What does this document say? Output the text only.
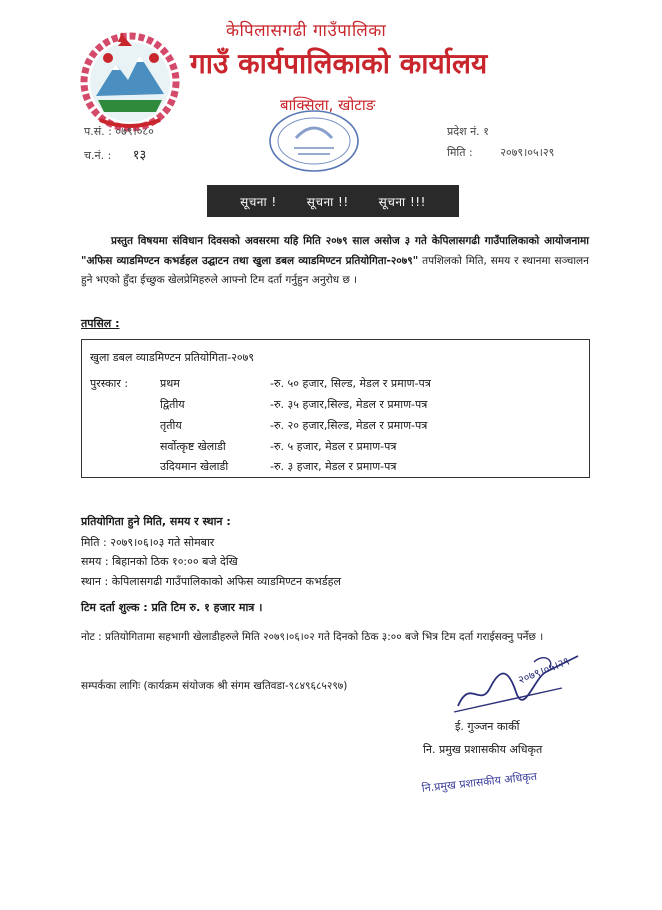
केपिलासगढी गाउँपालिका
गाउँ कार्यपालिकाको कार्यालय
बाक्सिला, खोटाङ
प.सं. : ०७९।०८०
च.नं. : १३
प्रदेश नं. १
मिति :	२०७९।०५।२९
सूचना !	सूचना !!	सूचना !!!
प्रस्तुत विषयमा संविधान दिवसको अवसरमा यहि मिति २०७९ साल असोज ३ गते केपिलासगढी गाउँपालिकाको आयोजनामा "अफिस व्याडमिण्टन कभर्डहल उद्घाटन तथा खुला डबल व्याडमिण्टन प्रतियोगिता-२०७९" तपशिलको मिति, समय र स्थानमा सञ्चालन हुने भएको हुँदा ईच्छुक खेलप्रेमिहरुले आफ्नो टिम दर्ता गर्नुहुन अनुरोध छ ।
तपसिल :
खुला डबल व्याडमिण्टन प्रतियोगिता-२०७९
पुरस्कार :	प्रथम	-रु. ५० हजार, सिल्ड, मेडल र प्रमाण-पत्र
द्वितीय	-रु. ३५ हजार,सिल्ड, मेडल र प्रमाण-पत्र
तृतीय	-रु. २० हजार,सिल्ड, मेडल र प्रमाण-पत्र
सर्वोत्कृष्ट खेलाडी	-रु. ५ हजार, मेडल र प्रमाण-पत्र
उदियमान खेलाडी	-रु. ३ हजार, मेडल र प्रमाण-पत्र
प्रतियोगिता हुने मिति, समय र स्थान :
मिति : २०७९।०६।०३ गते सोमबार
समय : बिहानको ठिक १०:०० बजे देखि
स्थान : केपिलासगढी गाउँपालिकाको अफिस व्याडमिण्टन कभर्डहल
टिम दर्ता शुल्क : प्रति टिम रु. १ हजार मात्र ।
नोट : प्रतियोगितामा सहभागी खेलाडीहरुले मिति २०७९।०६।०२ गते दिनको ठिक ३:०० बजे भित्र टिम दर्ता गराईसक्नु पर्नेछ ।
सम्पर्कका लागिः (कार्यक्रम संयोजक श्री संगम खतिवडा-९८४९६८५२९७)	२०७९।०५।२९
ई. गुञ्जन कार्की
नि. प्रमुख प्रशासकीय अधिकृत
नि.प्रमुख प्रशासकीय अधिकृत
